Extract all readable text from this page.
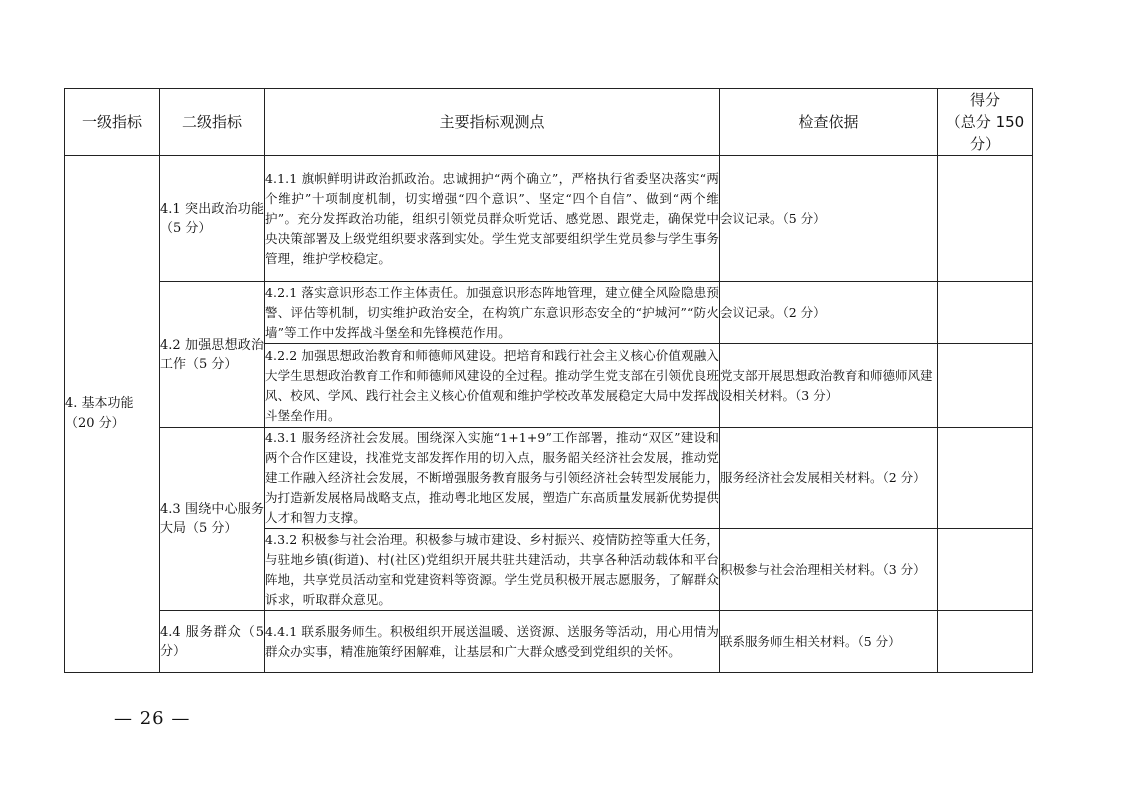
一级指标	二级指标	主要指标观测点	检查依据	得分
（总分 150 分）

4. 基本功能（20 分）	4.1 突出政治功能（5 分）	4.1.1 旗帜鲜明讲政治抓政治。忠诚拥护“两个确立”，严格执行省委坚决落实“两个维护”十项制度机制，切实增强“四个意识”、坚定“四个自信”、做到“两个维护”。充分发挥政治功能，组织引领党员群众听党话、感党恩、跟党走，确保党中央决策部署及上级党组织要求落到实处。学生党支部要组织学生党员参与学生事务管理，维护学校稳定。	会议记录。（5 分）	
	4.2 加强思想政治工作（5 分）	4.2.1 落实意识形态工作主体责任。加强意识形态阵地管理，建立健全风险隐患预警、评估等机制，切实维护政治安全，在构筑广东意识形态安全的“护城河”“防火墙”等工作中发挥战斗堡垒和先锋模范作用。	会议记录。（2 分）	
		4.2.2 加强思想政治教育和师德师风建设。把培育和践行社会主义核心价值观融入大学生思想政治教育工作和师德师风建设的全过程。推动学生党支部在引领优良班风、校风、学风、践行社会主义核心价值观和维护学校改革发展稳定大局中发挥战斗堡垒作用。	党支部开展思想政治教育和师德师风建设相关材料。（3 分）	
	4.3 围绕中心服务大局（5 分）	4.3.1 服务经济社会发展。围绕深入实施“1+1+9”工作部署，推动“双区”建设和两个合作区建设，找准党支部发挥作用的切入点，服务韶关经济社会发展，推动党建工作融入经济社会发展，不断增强服务教育服务与引领经济社会转型发展能力，为打造新发展格局战略支点，推动粤北地区发展，塑造广东高质量发展新优势提供人才和智力支撑。	服务经济社会发展相关材料。（2 分）	
		4.3.2 积极参与社会治理。积极参与城市建设、乡村振兴、疫情防控等重大任务，与驻地乡镇(街道)、村(社区)党组织开展共驻共建活动，共享各种活动载体和平台阵地，共享党员活动室和党建资料等资源。学生党员积极开展志愿服务，了解群众诉求，听取群众意见。	积极参与社会治理相关材料。（3 分）	
	4.4 服务群众（5 分）	4.4.1 联系服务师生。积极组织开展送温暖、送资源、送服务等活动，用心用情为群众办实事，精准施策纾困解难，让基层和广大群众感受到党组织的关怀。	联系服务师生相关材料。（5 分）	
— 26 —
